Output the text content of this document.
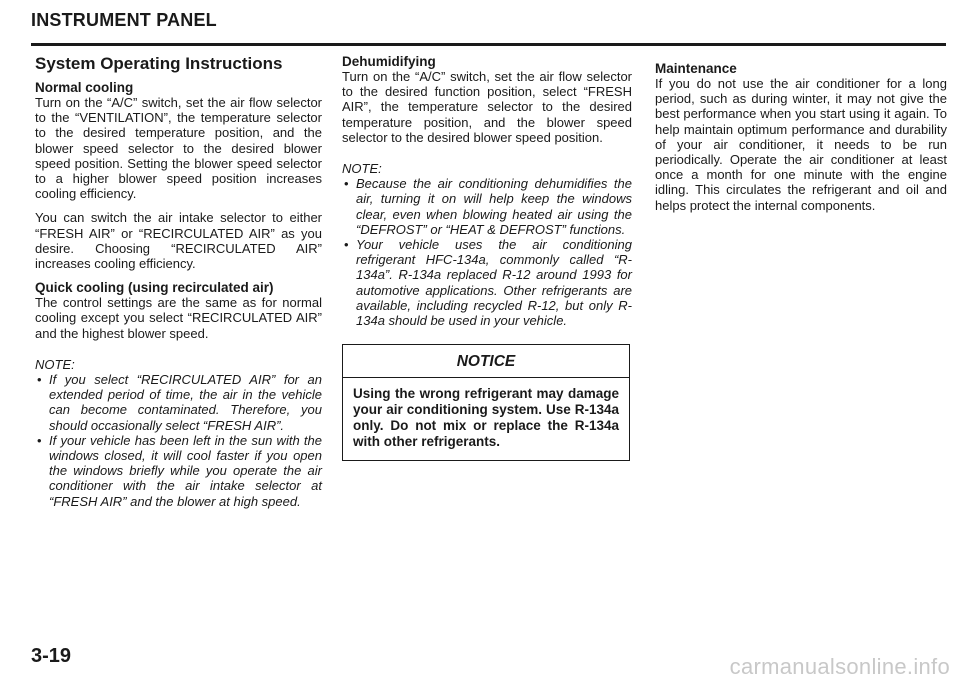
INSTRUMENT PANEL
System Operating Instructions
Normal cooling

Turn on the “A/C” switch, set the air flow selector to the “VENTILATION”, the temperature selector to the desired temperature position, and the blower speed selector to the desired blower speed position. Setting the blower speed selector to a higher blower speed position increases cooling efficiency.

You can switch the air intake selector to either “FRESH AIR” or “RECIRCULATED AIR” as you desire. Choosing “RECIRCULATED AIR” increases cooling efficiency.

Quick cooling (using recirculated air)

The control settings are the same as for normal cooling except you select “RECIRCULATED AIR” and the highest blower speed.

NOTE:
• If you select “RECIRCULATED AIR” for an extended period of time, the air in the vehicle can become contaminated. Therefore, you should occasionally select “FRESH AIR”.
• If your vehicle has been left in the sun with the windows closed, it will cool faster if you open the windows briefly while you operate the air conditioner with the air intake selector at “FRESH AIR” and the blower at high speed.
Dehumidifying

Turn on the “A/C” switch, set the air flow selector to the desired function position, select “FRESH AIR”, the temperature selector to the desired temperature position, and the blower speed selector to the desired blower speed position.

NOTE:
• Because the air conditioning dehumidifies the air, turning it on will help keep the windows clear, even when blowing heated air using the “DEFROST” or “HEAT & DEFROST” functions.
• Your vehicle uses the air conditioning refrigerant HFC-134a, commonly called “R-134a”. R-134a replaced R-12 around 1993 for automotive applications. Other refrigerants are available, including recycled R-12, but only R-134a should be used in your vehicle.
NOTICE
Using the wrong refrigerant may damage your air conditioning system. Use R-134a only. Do not mix or replace the R-134a with other refrigerants.
Maintenance

If you do not use the air conditioner for a long period, such as during winter, it may not give the best performance when you start using it again. To help maintain optimum performance and durability of your air conditioner, it needs to be run periodically. Operate the air conditioner at least once a month for one minute with the engine idling. This circulates the refrigerant and oil and helps protect the internal components.

3-19	carmanualsonline.info
